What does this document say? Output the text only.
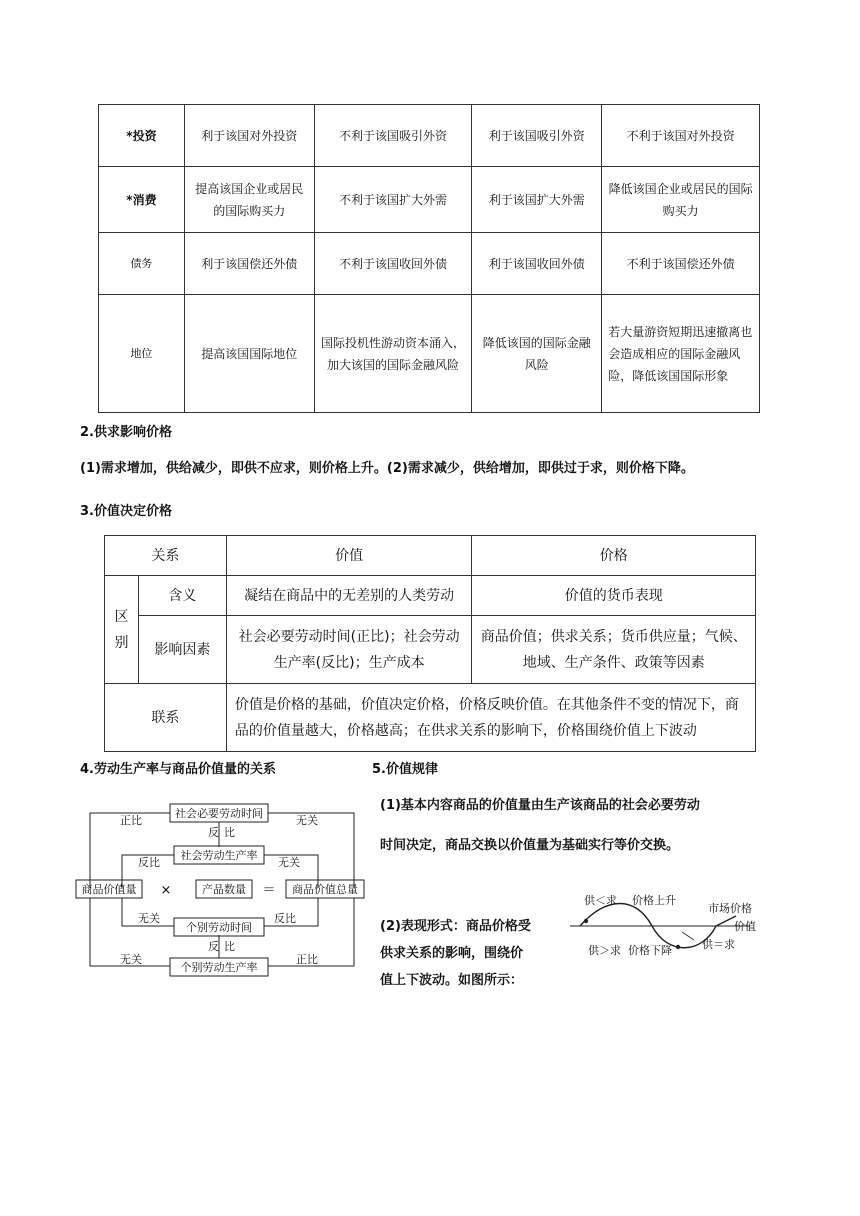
*投资	利于该国对外投资	不利于该国吸引外资	利于该国吸引外资	不利于该国对外投资
*消费	提高该国企业或居民的国际购买力	不利于该国扩大外需	利于该国扩大外需	降低该国企业或居民的国际购买力
债务	利于该国偿还外债	不利于该国收回外债	利于该国收回外债	不利于该国偿还外债
地位	提高该国国际地位	国际投机性游动资本涌入，加大该国的国际金融风险	降低该国的国际金融风险	若大量游资短期迅速撤离也会造成相应的国际金融风险，降低该国国际形象
2.供求影响价格
(1)需求增加，供给减少，即供不应求，则价格上升。(2)需求减少，供给增加，即供过于求，则价格下降。
3.价值决定价格
关系		价值	价格
区别	含义	凝结在商品中的无差别的人类劳动	价值的货币表现
	影响因素	社会必要劳动时间(正比)；社会劳动生产率(反比)；生产成本	商品价值；供求关系；货币供应量；气候、地域、生产条件、政策等因素
联系		价值是价格的基础，价值决定价格，价格反映价值。在其他条件不变的情况下，商品的价值量越大，价格越高；在供求关系的影响下，价格围绕价值上下波动	
4.劳动生产率与商品价值量的关系
社会必要劳动时间
社会劳动生产率
商品价值量 ×	产品数量 ＝ 商品价值总量
个别劳动时间
个别劳动生产率
正比	无关
反 比
反比	无关
无关	反比
反 比
无关	正比
5.价值规律
(1)基本内容商品的价值量由生产该商品的社会必要劳动
时间决定，商品交换以价值量为基础实行等价交换。
(2)表现形式：商品价格受
供求关系的影响，围绕价
值上下波动。如图所示：
供＜求 价格上升
市场价格
价值
供＞求 价格下降	供＝求
